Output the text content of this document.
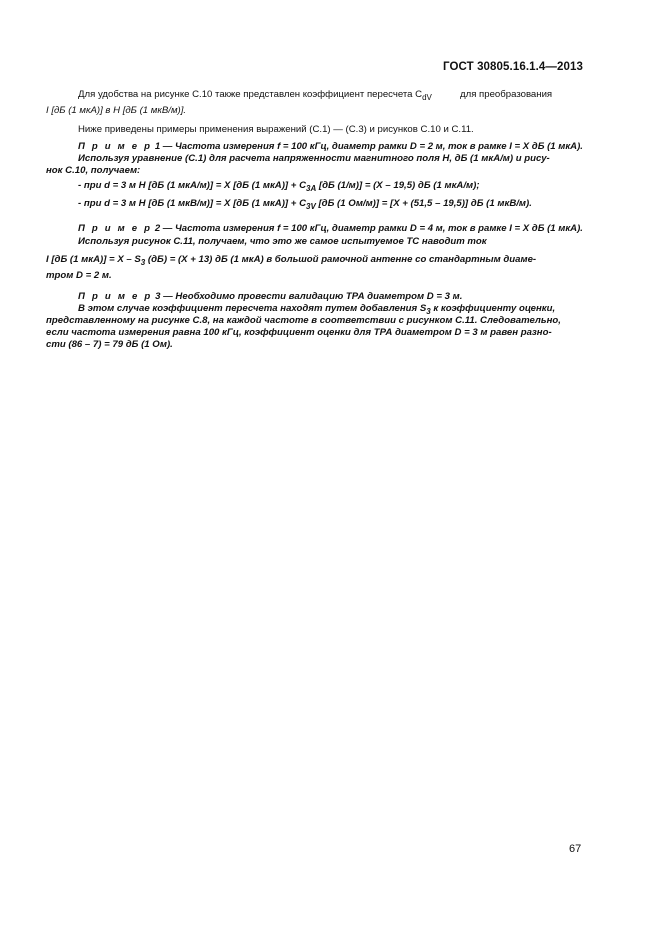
ГОСТ 30805.16.1.4—2013
Для удобства на рисунке С.10 также представлен коэффициент пересчета $C_{dV}$	для преобразования
I [дБ (1 мкА)] в H [дБ (1 мкВ/м)].
Ниже приведены примеры применения выражений (С.1) — (С.3) и рисунков С.10 и С.11.
П р и м е р 1 — Частота измерения f = 100 кГц, диаметр рамки D = 2 м, ток в рамке I = X дБ (1 мкА).
Используя уравнение (С.1) для расчета напряженности магнитного поля H, дБ (1 мкА/м) и рису-
нок С.10, получаем:
- при d = 3 м H [дБ (1 мкА/м)] = X [дБ (1 $мкА)] + C_{3A}$ [дБ (1/м)] = (X – 19,5) дБ (1 мкА/м);
- при d = 3 м H [дБ (1 мкВ/м)] = X [дБ (1 $мкА)] + C_{3V}$ [дБ (1 Ом/м)] = [X + (51,5 – 19,5)] дБ (1 мкВ/м).
П р и м е р 2 — Частота измерения f = 100 кГц, диаметр рамки D = 4 м, ток в рамке I = X дБ (1 мкА).
Используя рисунок С.11, получаем, что это же самое испытуемое ТС наводит ток
I [дБ (1 $мкА)] = X - S_3$ (дБ) = (X + 13) дБ (1 мкА) в большой рамочной антенне со стандартным диаме-
тром D = 2 м.
П р и м е р 3 — Необходимо провести валидацию ТРА диаметром D = 3 м.
В этом случае коэффициент пересчета находят путем добавления $S_3$ к коэффициенту оценки,
представленному на рисунке С.8, на каждой частоте в соответствии с рисунком С.11. Следовательно,
если частота измерения равна 100 кГц, коэффициент оценки для ТРА диаметром D = 3 м равен разно-
сти (86 – 7) = 79 дБ (1 Ом).
67
